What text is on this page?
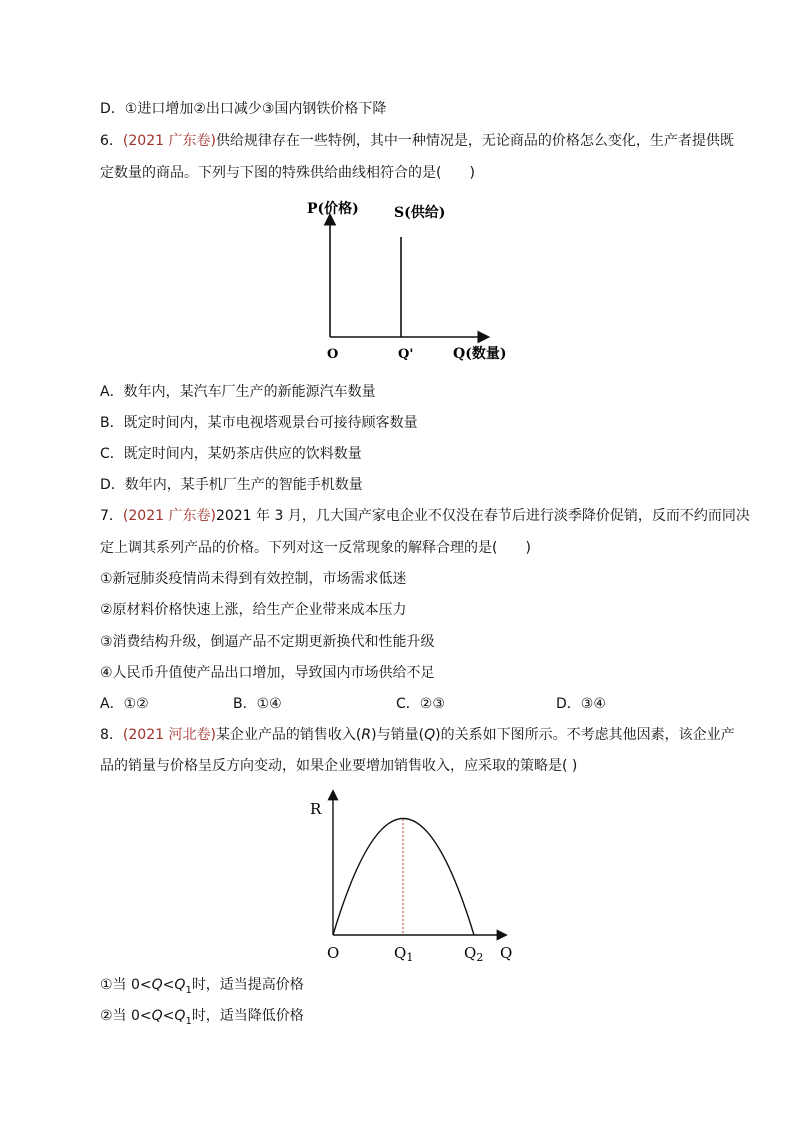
D．①进口增加②出口减少③国内钢铁价格下降
6．(2021 广东卷)供给规律存在一些特例，其中一种情况是，无论商品的价格怎么变化，生产者提供既
定数量的商品。下列与下图的特殊供给曲线相符合的是(　　)
P(价格)	S(供给)
O	Q'	Q(数量)
A．数年内，某汽车厂生产的新能源汽车数量
B．既定时间内，某市电视塔观景台可接待顾客数量
C．既定时间内，某奶茶店供应的饮料数量
D．数年内，某手机厂生产的智能手机数量
7．(2021 广东卷)2021 年 3 月，几大国产家电企业不仅没在春节后进行淡季降价促销，反而不约而同决
定上调其系列产品的价格。下列对这一反常现象的解释合理的是(　　)
①新冠肺炎疫情尚未得到有效控制，市场需求低迷
②原材料价格快速上涨，给生产企业带来成本压力
③消费结构升级，倒逼产品不定期更新换代和性能升级
④人民币升值使产品出口增加，导致国内市场供给不足
A．①②	B．①④	C．②③	D．③④
8．(2021 河北卷)某企业产品的销售收入(R)与销量(Q)的关系如下图所示。不考虑其他因素，该企业产
品的销量与价格呈反方向变动，如果企业要增加销售收入，应采取的策略是( )
R
O	$Q_1$	$Q_2$ Q
①当 $0<Q<Q_1$时，适当提高价格
②当 $0<Q<Q_1$时，适当降低价格
